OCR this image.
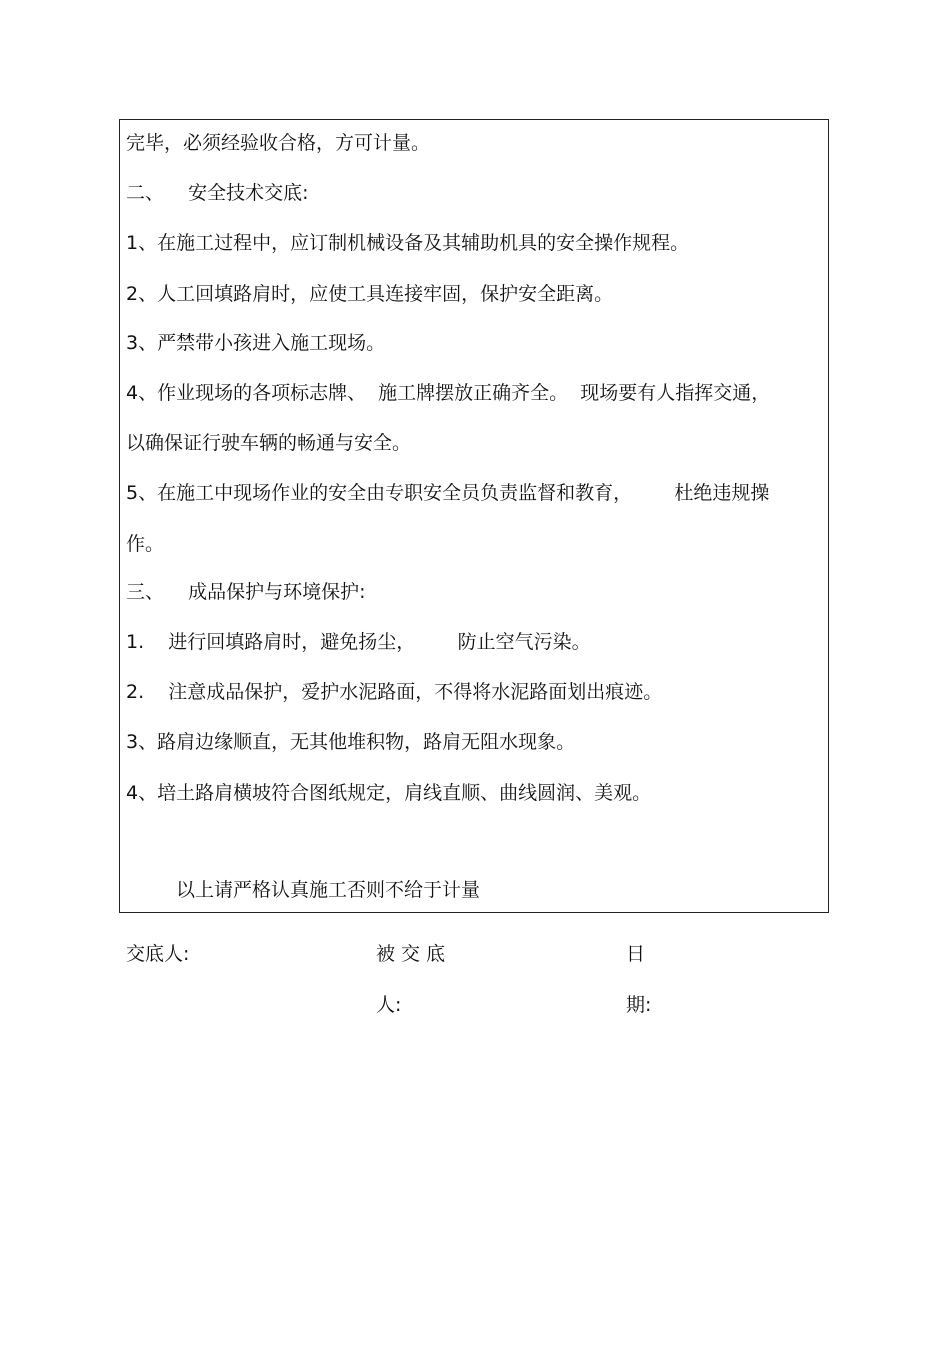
完毕，必须经验收合格，方可计量。
二、    安全技术交底:
1、在施工过程中，应订制机械设备及其辅助机具的安全操作规程。
2、人工回填路肩时，应使工具连接牢固，保护安全距离。
3、严禁带小孩进入施工现场。
4、作业现场的各项标志牌、  施工牌摆放正确齐全。  现场要有人指挥交通，
以确保证行驶车辆的畅通与安全。
5、在施工中现场作业的安全由专职安全员负责监督和教育，       杜绝违规操
作。
三、    成品保护与环境保护:
1.    进行回填路肩时，避免扬尘，       防止空气污染。
2.    注意成品保护，爱护水泥路面，不得将水泥路面划出痕迹。
3、路肩边缘顺直，无其他堆积物，路肩无阻水现象。
4、培土路肩横坡符合图纸规定，肩线直顺、曲线圆润、美观。
以上请严格认真施工否则不给于计量
交底人:	被 交 底
人:
日
期:
